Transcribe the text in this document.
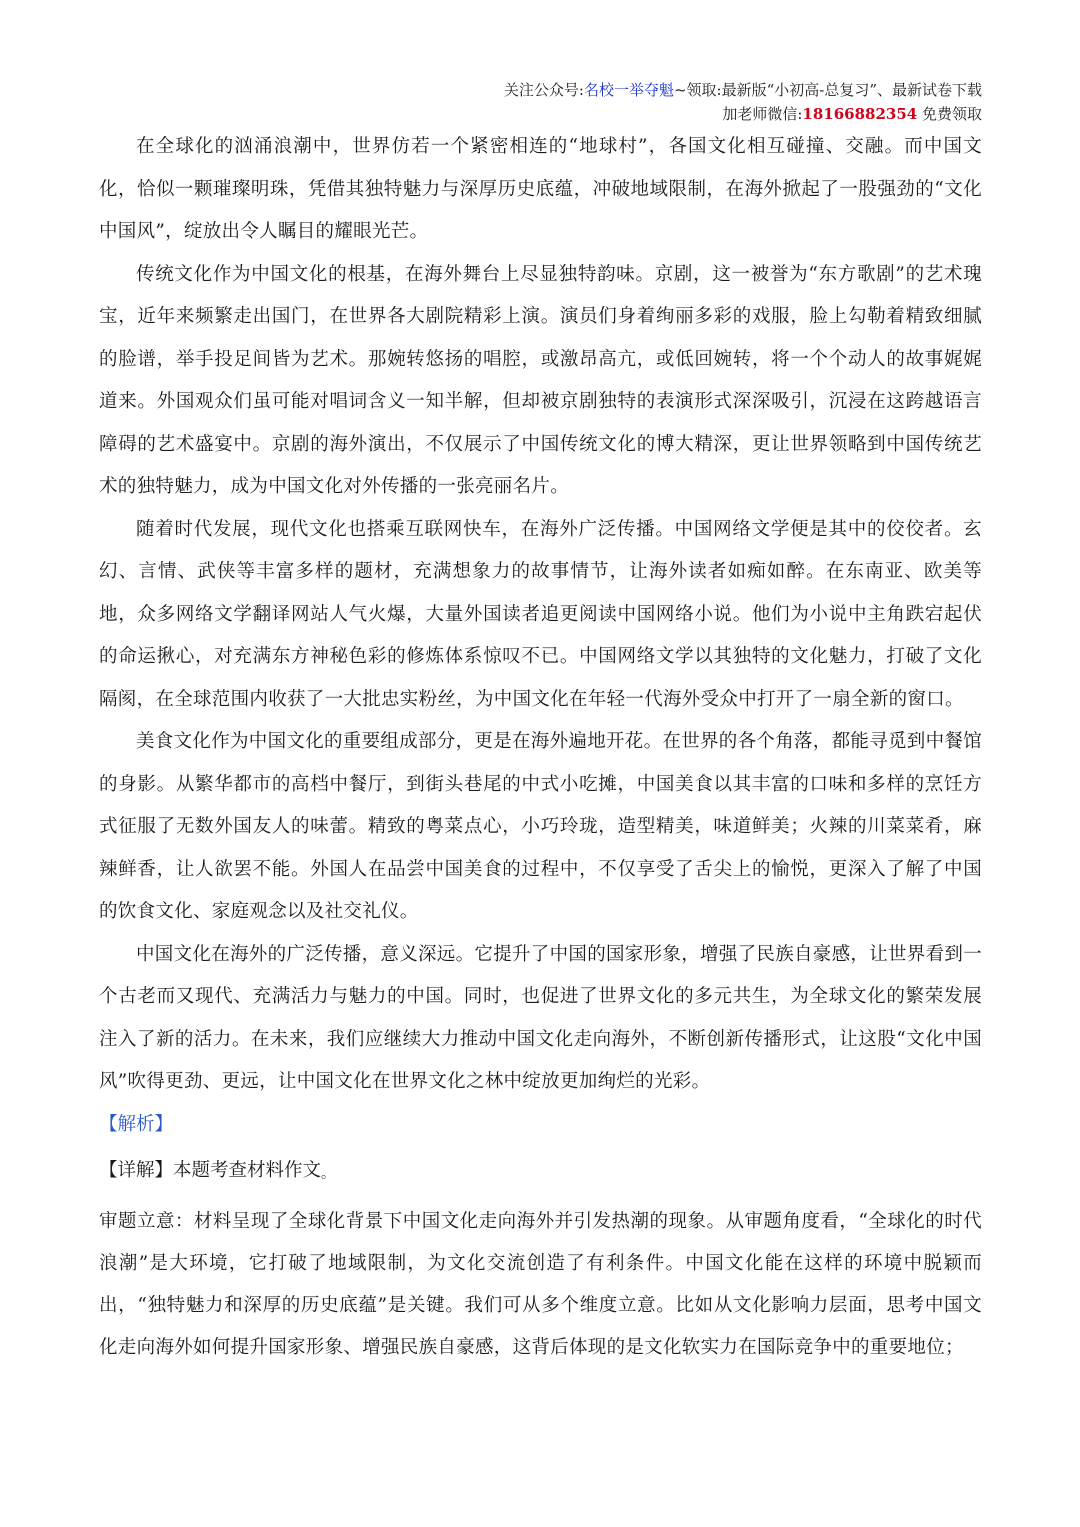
关注公众号:名校一举夺魁~领取:最新版“小初高-总复习”、最新试卷下载
加老师微信:18166882354 免费领取

在全球化的汹涌浪潮中，世界仿若一个紧密相连的“地球村”，各国文化相互碰撞、交融。而中国文化，恰似一颗璀璨明珠，凭借其独特魅力与深厚历史底蕴，冲破地域限制，在海外掀起了一股强劲的“文化中国风”，绽放出令人瞩目的耀眼光芒。

传统文化作为中国文化的根基，在海外舞台上尽显独特韵味。京剧，这一被誉为“东方歌剧”的艺术瑰宝，近年来频繁走出国门，在世界各大剧院精彩上演。演员们身着绚丽多彩的戏服，脸上勾勒着精致细腻的脸谱，举手投足间皆为艺术。那婉转悠扬的唱腔，或激昂高亢，或低回婉转，将一个个动人的故事娓娓道来。外国观众们虽可能对唱词含义一知半解，但却被京剧独特的表演形式深深吸引，沉浸在这跨越语言障碍的艺术盛宴中。京剧的海外演出，不仅展示了中国传统文化的博大精深，更让世界领略到中国传统艺术的独特魅力，成为中国文化对外传播的一张亮丽名片。

随着时代发展，现代文化也搭乘互联网快车，在海外广泛传播。中国网络文学便是其中的佼佼者。玄幻、言情、武侠等丰富多样的题材，充满想象力的故事情节，让海外读者如痴如醉。在东南亚、欧美等地，众多网络文学翻译网站人气火爆，大量外国读者追更阅读中国网络小说。他们为小说中主角跌宕起伏的命运揪心，对充满东方神秘色彩的修炼体系惊叹不已。中国网络文学以其独特的文化魅力，打破了文化隔阂，在全球范围内收获了一大批忠实粉丝，为中国文化在年轻一代海外受众中打开了一扇全新的窗口。

美食文化作为中国文化的重要组成部分，更是在海外遍地开花。在世界的各个角落，都能寻觅到中餐馆的身影。从繁华都市的高档中餐厅，到街头巷尾的中式小吃摊，中国美食以其丰富的口味和多样的烹饪方式征服了无数外国友人的味蕾。精致的粤菜点心，小巧玲珑，造型精美，味道鲜美；火辣的川菜菜肴，麻辣鲜香，让人欲罢不能。外国人在品尝中国美食的过程中，不仅享受了舌尖上的愉悦，更深入了解了中国的饮食文化、家庭观念以及社交礼仪。

中国文化在海外的广泛传播，意义深远。它提升了中国的国家形象，增强了民族自豪感，让世界看到一个古老而又现代、充满活力与魅力的中国。同时，也促进了世界文化的多元共生，为全球文化的繁荣发展注入了新的活力。在未来，我们应继续大力推动中国文化走向海外，不断创新传播形式，让这股“文化中国风”吹得更劲、更远，让中国文化在世界文化之林中绽放更加绚烂的光彩。

【解析】
【详解】本题考查材料作文。
审题立意：材料呈现了全球化背景下中国文化走向海外并引发热潮的现象。从审题角度看，“全球化的时代浪潮”是大环境，它打破了地域限制，为文化交流创造了有利条件。中国文化能在这样的环境中脱颖而出，“独特魅力和深厚的历史底蕴”是关键。我们可从多个维度立意。比如从文化影响力层面，思考中国文化走向海外如何提升国家形象、增强民族自豪感，这背后体现的是文化软实力在国际竞争中的重要地位；
